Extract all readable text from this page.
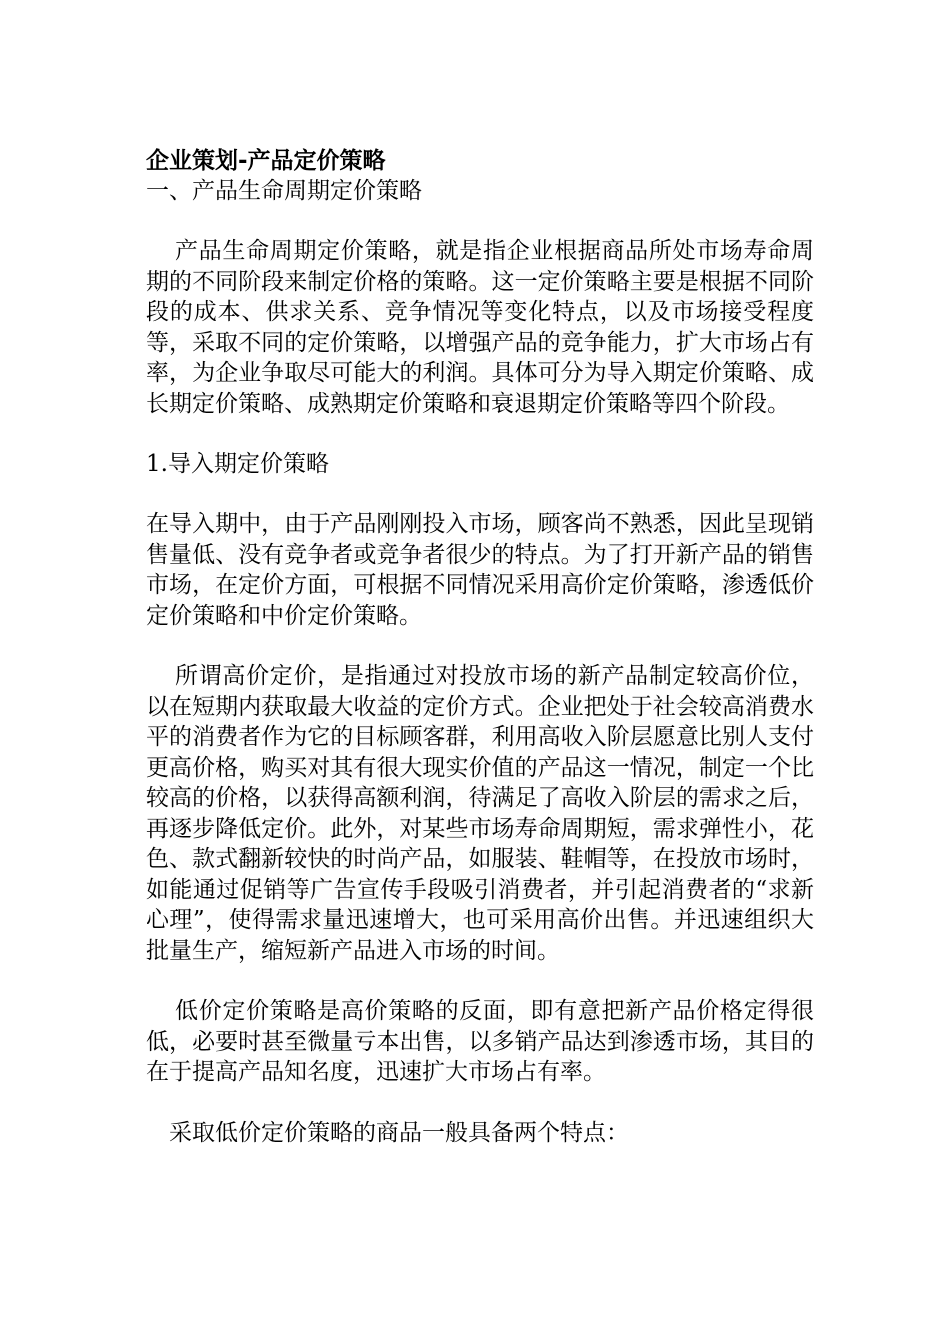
企业策划-产品定价策略

一、产品生命周期定价策略

产品生命周期定价策略，就是指企业根据商品所处市场寿命周期的不同阶段来制定价格的策略。这一定价策略主要是根据不同阶段的成本、供求关系、竞争情况等变化特点，以及市场接受程度等，采取不同的定价策略，以增强产品的竞争能力，扩大市场占有率，为企业争取尽可能大的利润。具体可分为导入期定价策略、成长期定价策略、成熟期定价策略和衰退期定价策略等四个阶段。

1.导入期定价策略

在导入期中，由于产品刚刚投入市场，顾客尚不熟悉，因此呈现销售量低、没有竞争者或竞争者很少的特点。为了打开新产品的销售市场，在定价方面，可根据不同情况采用高价定价策略，渗透低价定价策略和中价定价策略。

所谓高价定价，是指通过对投放市场的新产品制定较高价位，以在短期内获取最大收益的定价方式。企业把处于社会较高消费水平的消费者作为它的目标顾客群，利用高收入阶层愿意比别人支付更高价格，购买对其有很大现实价值的产品这一情况，制定一个比较高的价格，以获得高额利润，待满足了高收入阶层的需求之后，再逐步降低定价。此外，对某些市场寿命周期短，需求弹性小，花色、款式翻新较快的时尚产品，如服装、鞋帽等，在投放市场时，如能通过促销等广告宣传手段吸引消费者，并引起消费者的“求新心理”，使得需求量迅速增大，也可采用高价出售。并迅速组织大批量生产，缩短新产品进入市场的时间。

低价定价策略是高价策略的反面，即有意把新产品价格定得很低，必要时甚至微量亏本出售，以多销产品达到渗透市场，其目的在于提高产品知名度，迅速扩大市场占有率。

采取低价定价策略的商品一般具备两个特点：
